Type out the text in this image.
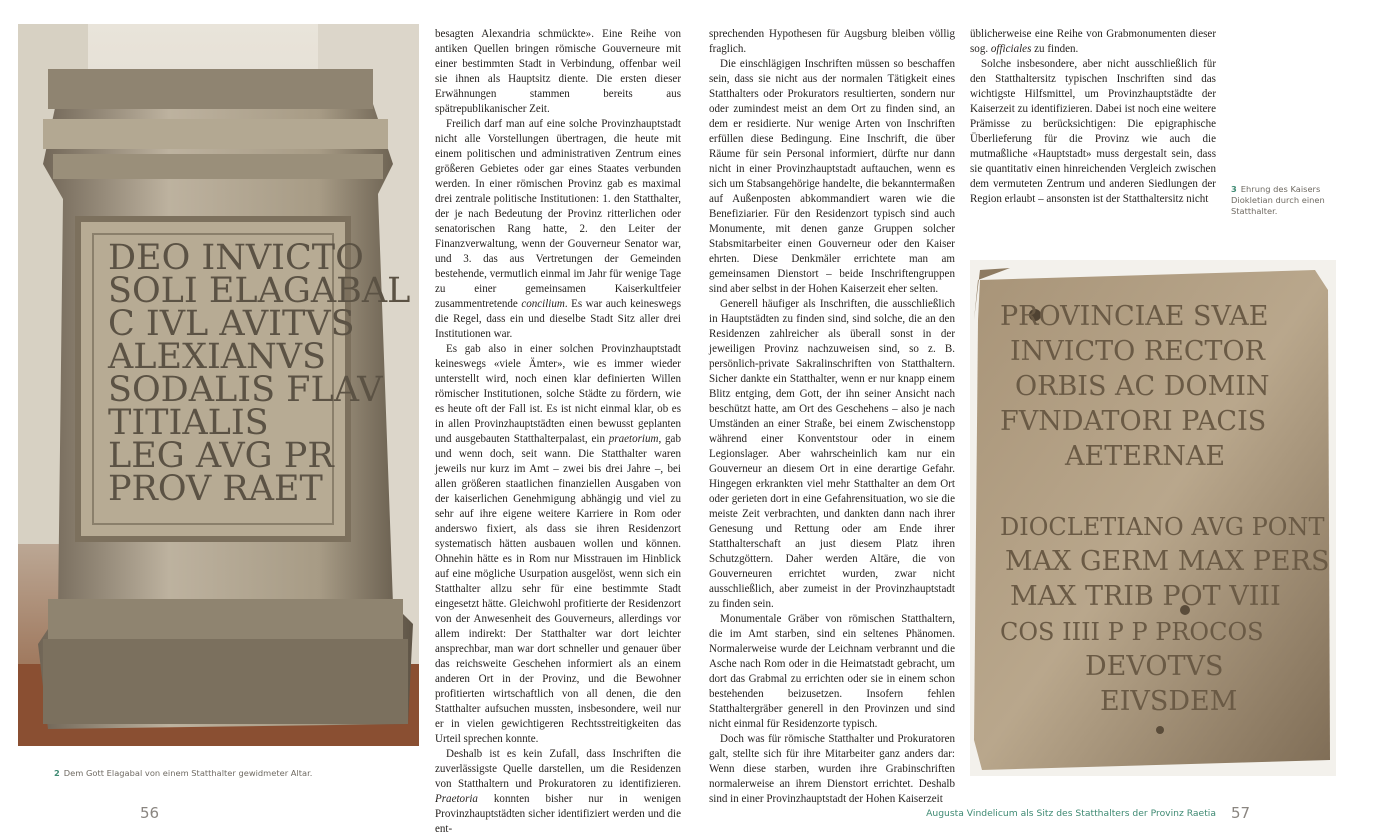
DEO INVICTO
SOLI ELAGABAL
C IVL AVITVS
ALEXIANVS
SODALIS FLAV
TITIALIS
LEG AVG PR
PROV RAET
2 Dem Gott Elagabal von einem Statthalter gewidmeter Altar.

besagten Alexandria schmückte». Eine Reihe von antiken Quellen bringen römische Gouverneure mit einer bestimmten Stadt in Verbindung, offenbar weil sie ihnen als Hauptsitz diente. Die ersten dieser Erwähnungen stammen bereits aus spätrepublikanischer Zeit.

Freilich darf man auf eine solche Provinzhauptstadt nicht alle Vorstellungen übertragen, die heute mit einem politischen und administrativen Zentrum eines größeren Gebietes oder gar eines Staates verbunden werden. In einer römischen Provinz gab es maximal drei zentrale politische Institutionen: 1. den Statthalter, der je nach Bedeutung der Provinz ritterlichen oder senatorischen Rang hatte, 2. den Leiter der Finanzverwaltung, wenn der Gouverneur Senator war, und 3. das aus Vertretungen der Gemeinden bestehende, vermutlich einmal im Jahr für wenige Tage zu einer gemeinsamen Kaiserkultfeier zusammentretende concilium. Es war auch keineswegs die Regel, dass ein und dieselbe Stadt Sitz aller drei Institutionen war.

Es gab also in einer solchen Provinzhauptstadt keineswegs «viele Ämter», wie es immer wieder unterstellt wird, noch einen klar definierten Willen römischer Institutionen, solche Städte zu fördern, wie es heute oft der Fall ist. Es ist nicht einmal klar, ob es in allen Provinzhauptstädten einen bewusst geplanten und ausgebauten Statthalterpalast, ein praetorium, gab und wenn doch, seit wann. Die Statthalter waren jeweils nur kurz im Amt – zwei bis drei Jahre –, bei allen größeren staatlichen finanziellen Ausgaben von der kaiserlichen Genehmigung abhängig und viel zu sehr auf ihre eigene weitere Karriere in Rom oder anderswo fixiert, als dass sie ihren Residenzort systematisch hätten ausbauen wollen und können. Ohnehin hätte es in Rom nur Misstrauen im Hinblick auf eine mögliche Usurpation ausgelöst, wenn sich ein Statthalter allzu sehr für eine bestimmte Stadt eingesetzt hätte. Gleichwohl profitierte der Residenzort von der Anwesenheit des Gouverneurs, allerdings vor allem indirekt: Der Statthalter war dort leichter ansprechbar, man war dort schneller und genauer über das reichsweite Geschehen informiert als an einem anderen Ort in der Provinz, und die Bewohner profitierten wirtschaftlich von all denen, die den Statthalter aufsuchen mussten, insbesondere, weil nur er in vielen gewichtigeren Rechtsstreitigkeiten das Urteil sprechen konnte.

Deshalb ist es kein Zufall, dass Inschriften die zuverlässigste Quelle darstellen, um die Residenzen von Statthaltern und Prokuratoren zu identifizieren. Praetoria konnten bisher nur in wenigen Provinzhauptstädten sicher identifiziert werden und die ent-

sprechenden Hypothesen für Augsburg bleiben völlig fraglich.

Die einschlägigen Inschriften müssen so beschaffen sein, dass sie nicht aus der normalen Tätigkeit eines Statthalters oder Prokurators resultierten, sondern nur oder zumindest meist an dem Ort zu finden sind, an dem er residierte. Nur wenige Arten von Inschriften erfüllen diese Bedingung. Eine Inschrift, die über Räume für sein Personal informiert, dürfte nur dann nicht in einer Provinzhauptstadt auftauchen, wenn es sich um Stabsangehörige handelte, die bekanntermaßen auf Außenposten abkommandiert waren wie die Benefiziarier. Für den Residenzort typisch sind auch Monumente, mit denen ganze Gruppen solcher Stabsmitarbeiter einen Gouverneur oder den Kaiser ehrten. Diese Denkmäler errichtete man am gemeinsamen Dienstort – beide Inschriftengruppen sind aber selbst in der Hohen Kaiserzeit eher selten.

Generell häufiger als Inschriften, die ausschließlich in Hauptstädten zu finden sind, sind solche, die an den Residenzen zahlreicher als überall sonst in der jeweiligen Provinz nachzuweisen sind, so z. B. persönlich-private Sakralinschriften von Statthaltern. Sicher dankte ein Statthalter, wenn er nur knapp einem Blitz entging, dem Gott, der ihn seiner Ansicht nach beschützt hatte, am Ort des Geschehens – also je nach Umständen an einer Straße, bei einem Zwischenstopp während einer Konventstour oder in einem Legionslager. Aber wahrscheinlich kam nur ein Gouverneur an diesem Ort in eine derartige Gefahr. Hingegen erkrankten viel mehr Statthalter an dem Ort oder gerieten dort in eine Gefahrensituation, wo sie die meiste Zeit verbrachten, und dankten dann nach ihrer Genesung und Rettung oder am Ende ihrer Statthalterschaft an just diesem Platz ihren Schutzgöttern. Daher werden Altäre, die von Gouverneuren errichtet wurden, zwar nicht ausschließlich, aber zumeist in der Provinzhauptstadt zu finden sein.

Monumentale Gräber von römischen Statthaltern, die im Amt starben, sind ein seltenes Phänomen. Normalerweise wurde der Leichnam verbrannt und die Asche nach Rom oder in die Heimatstadt gebracht, um dort das Grabmal zu errichten oder sie in einem schon bestehenden beizusetzen. Insofern fehlen Statthaltergräber generell in den Provinzen und sind nicht einmal für Residenzorte typisch.

Doch was für römische Statthalter und Prokuratoren galt, stellte sich für ihre Mitarbeiter ganz anders dar: Wenn diese starben, wurden ihre Grabinschriften normalerweise an ihrem Dienstort errichtet. Deshalb sind in einer Provinzhauptstadt der Hohen Kaiserzeit

üblicherweise eine Reihe von Grabmonumenten dieser sog. officiales zu finden.

Solche insbesondere, aber nicht ausschließlich für den Statthaltersitz typischen Inschriften sind das wichtigste Hilfsmittel, um Provinzhauptstädte der Kaiserzeit zu identifizieren. Dabei ist noch eine weitere Prämisse zu berücksichtigen: Die epigraphische Überlieferung für die Provinz wie auch die mutmaßliche «Hauptstadt» muss dergestalt sein, dass sie quantitativ einen hinreichenden Vergleich zwischen dem vermuteten Zentrum und anderen Siedlungen der Region erlaubt – ansonsten ist der Statthaltersitz nicht

3 Ehrung des Kaisers Diokletian durch einen Statthalter.
PROVINCIAE SVAE
INVICTO RECTOR
ORBIS AC DOMIN
FVNDATORI PACIS
AETERNAE
DIOCLETIANO AVG PONT
MAX GERM MAX PERS
MAX TRIB POT VIII
COS IIII P P PROCOS
DEVOTVS
EIVSDEM
56	Augusta Vindelicum als Sitz des Statthalters der Provinz Raetia 57
